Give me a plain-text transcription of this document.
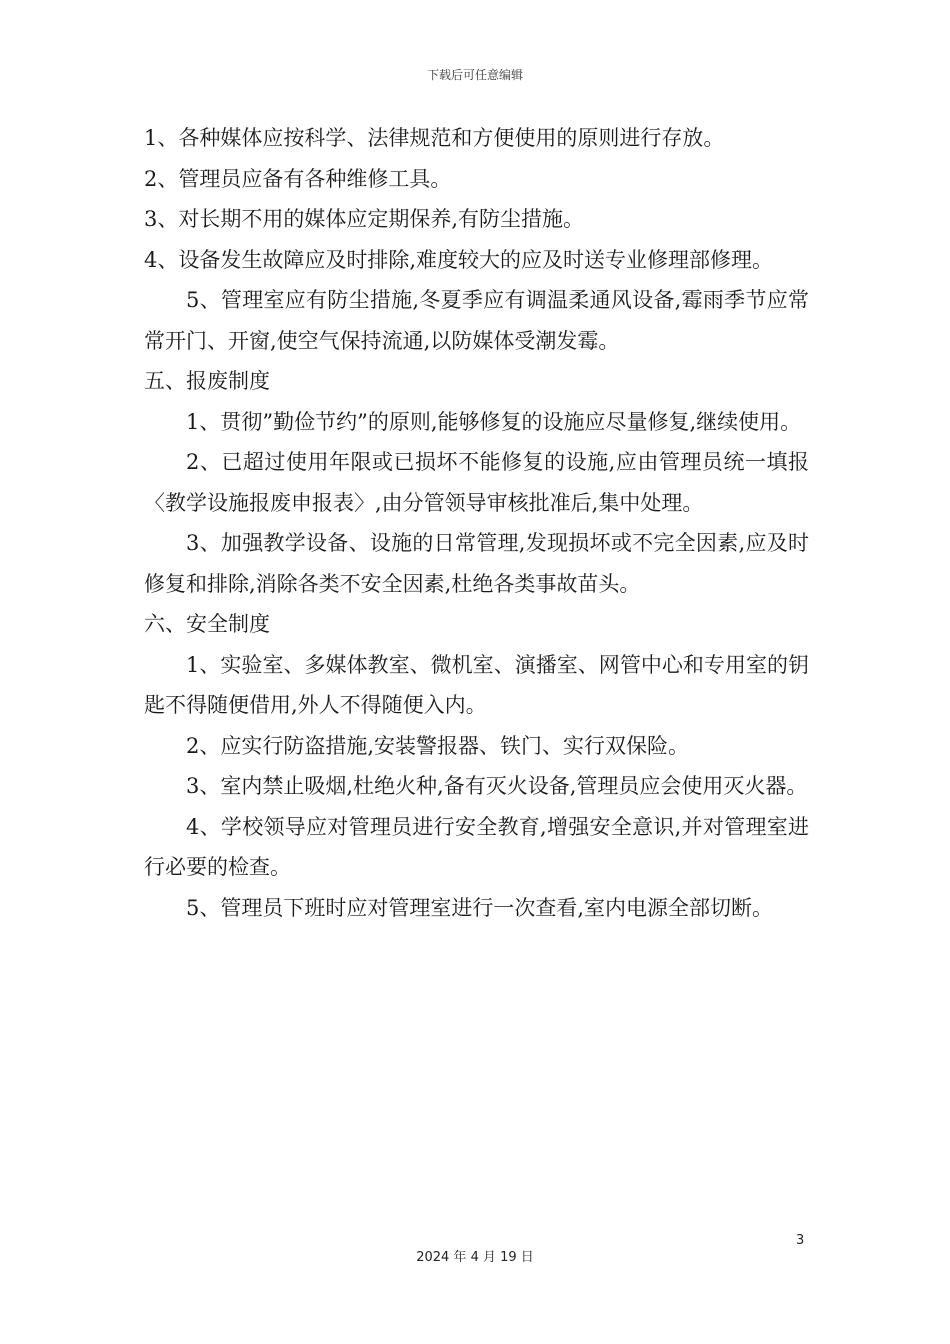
下载后可任意编辑

1、各种媒体应按科学、法律规范和方便使用的原则进行存放。

2、管理员应备有各种维修工具。

3、对长期不用的媒体应定期保养,有防尘措施。

4、设备发生故障应及时排除,难度较大的应及时送专业修理部修理。

5、管理室应有防尘措施,冬夏季应有调温柔通风设备,霉雨季节应常常开门、开窗,使空气保持流通,以防媒体受潮发霉。

五、报废制度

1、贯彻”勤俭节约”的原则,能够修复的设施应尽量修复,继续使用。

2、已超过使用年限或已损坏不能修复的设施,应由管理员统一填报〈教学设施报废申报表〉,由分管领导审核批准后,集中处理。

3、加强教学设备、设施的日常管理,发现损坏或不完全因素,应及时修复和排除,消除各类不安全因素,杜绝各类事故苗头。

六、安全制度

1、实验室、多媒体教室、微机室、演播室、网管中心和专用室的钥匙不得随便借用,外人不得随便入内。

2、应实行防盗措施,安装警报器、铁门、实行双保险。

3、室内禁止吸烟,杜绝火种,备有灭火设备,管理员应会使用灭火器。

4、学校领导应对管理员进行安全教育,增强安全意识,并对管理室进行必要的检查。

5、管理员下班时应对管理室进行一次查看,室内电源全部切断。

3
2024 年 4 月 19 日
